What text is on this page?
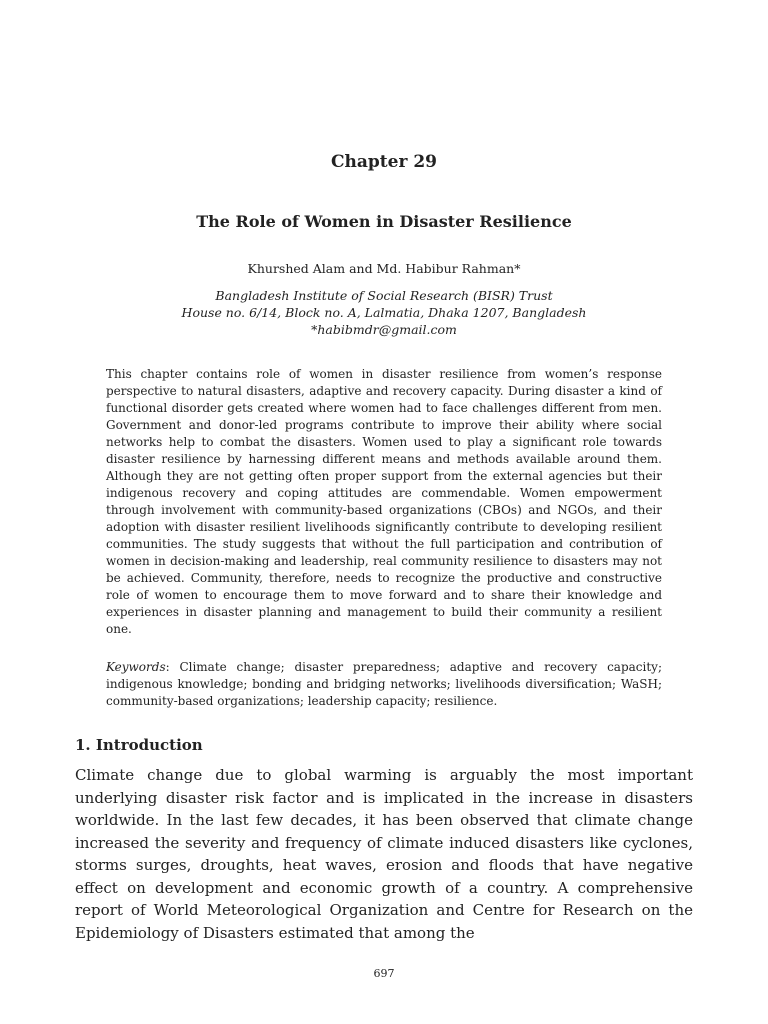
Chapter 29
The Role of Women in Disaster Resilience
Khurshed Alam and Md. Habibur Rahman*
Bangladesh Institute of Social Research (BISR) Trust
House no. 6/14, Block no. A, Lalmatia, Dhaka 1207, Bangladesh
*habibmdr@gmail.com

This chapter contains role of women in disaster resilience from women’s response perspective to natural disasters, adaptive and recovery capacity. During disaster a kind of functional disorder gets created where women had to face challenges different from men. Government and donor-led programs contribute to improve their ability where social networks help to combat the disasters. Women used to play a significant role towards disaster resilience by harnessing different means and methods available around them. Although they are not getting often proper support from the external agencies but their indigenous recovery and coping attitudes are commendable. Women empowerment through involvement with community-based organizations (CBOs) and NGOs, and their adoption with disaster resilient livelihoods significantly contribute to developing resilient communities. The study suggests that without the full participation and contribution of women in decision-making and leadership, real community resilience to disasters may not be achieved. Community, therefore, needs to recognize the productive and constructive role of women to encourage them to move forward and to share their knowledge and experiences in disaster planning and management to build their community a resilient one.

Keywords: Climate change; disaster preparedness; adaptive and recovery capacity; indigenous knowledge; bonding and bridging networks; livelihoods diversification; WaSH; community-based organizations; leadership capacity; resilience.

1. Introduction

Climate change due to global warming is arguably the most important underlying disaster risk factor and is implicated in the increase in disasters worldwide. In the last few decades, it has been observed that climate change increased the severity and frequency of climate induced disasters like cyclones, storms surges, droughts, heat waves, erosion and floods that have negative effect on development and economic growth of a country. A comprehensive report of World Meteorological Organization and Centre for Research on the Epidemiology of Disasters estimated that among the

697
